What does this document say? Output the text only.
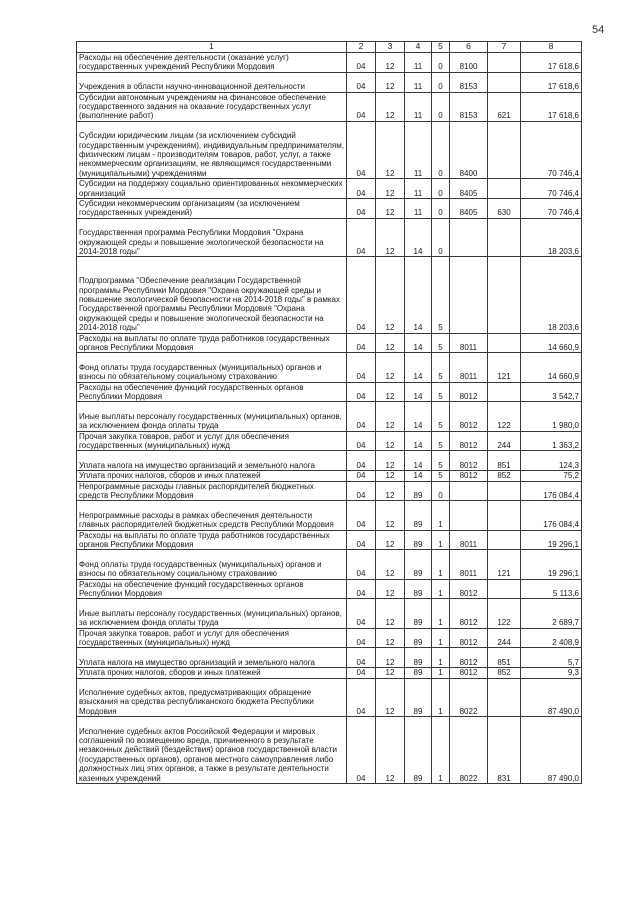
54
1	2	3	4	5	6	7	8
Расходы на обеспечение деятельности (оказание услуг) государственных учреждений Республики Мордовия	04	12	11	0	8100		17 618,6
Учреждения в области научно-инновационной деятельности	04	12	11	0	8153		17 618,6
Субсидии автономным учреждениям на финансовое обеспечение государственного задания на оказание государственных услуг (выполнение работ)	04	12	11	0	8153	621	17 618,6
Субсидии юридическим лицам (за исключением субсидий государственным учреждениям), индивидуальным предпринимателям, физическим лицам - производителям товаров, работ, услуг, а также некоммерческим организациям, не являющимся государственными (муниципальными) учреждениями	04	12	11	0	8400		70 746,4
Субсидии на поддержку социально ориентированных некоммерческих организаций	04	12	11	0	8405		70 746,4
Субсидии некоммерческим организациям (за исключением государственных учреждений)	04	12	11	0	8405	630	70 746,4
Государственная программа Республики Мордовия "Охрана окружающей среды и повышение экологической безопасности на 2014-2018 годы"	04	12	14	0			18 203,6
Подпрограмма "Обеспечение реализации Государственной программы Республики Мордовия "Охрана окружающей среды и повышение экологической безопасности на 2014-2018 годы" в рамках Государственной программы Республики Мордовия "Охрана окружающей среды и повышение экологической безопасности на 2014-2018 годы"	04	12	14	5			18 203,6
Расходы на выплаты по оплате труда работников государственных органов Республики Мордовия	04	12	14	5	8011		14 660,9
Фонд оплаты труда государственных (муниципальных) органов и взносы по обязательному социальному страхованию	04	12	14	5	8011	121	14 660,9
Расходы на обеспечение функций государственных органов Республики Мордовия	04	12	14	5	8012		3 542,7
Иные выплаты персоналу государственных (муниципальных) органов, за исключением фонда оплаты труда	04	12	14	5	8012	122	1 980,0
Прочая закупка товаров, работ и услуг для обеспечения государственных (муниципальных) нужд	04	12	14	5	8012	244	1 363,2
Уплата налога на имущество организаций и земельного налога	04	12	14	5	8012	851	124,3
Уплата прочих налогов, сборов и иных платежей	04	12	14	5	8012	852	75,2
Непрограммные расходы главных распорядителей бюджетных средств Республики Мордовия	04	12	89	0			176 084,4
Непрограммные расходы в рамках обеспечения деятельности главных распорядителей бюджетных средств Республики Мордовия	04	12	89	1			176 084,4
Расходы на выплаты по оплате труда работников государственных органов Республики Мордовия	04	12	89	1	8011		19 296,1
Фонд оплаты труда государственных (муниципальных) органов и взносы по обязательному социальному страхованию	04	12	89	1	8011	121	19 296,1
Расходы на обеспечение функций государственных органов Республики Мордовия	04	12	89	1	8012		5 113,6
Иные выплаты персоналу государственных (муниципальных) органов, за исключением фонда оплаты труда	04	12	89	1	8012	122	2 689,7
Прочая закупка товаров, работ и услуг для обеспечения государственных (муниципальных) нужд	04	12	89	1	8012	244	2 408,9
Уплата налога на имущество организаций и земельного налога	04	12	89	1	8012	851	5,7
Уплата прочих налогов, сборов и иных платежей	04	12	89	1	8012	852	9,3
Исполнение судебных актов, предусматривающих обращение взыскания на средства республиканского бюджета Республики Мордовия	04	12	89	1	8022		87 490,0
Исполнение судебных актов Российской Федерации и мировых соглашений по возмещению вреда, причиненного в результате незаконных действий (бездействия) органов государственной власти (государственных органов), органов местного самоуправления либо должностных лиц этих органов, а также в результате деятельности казенных учреждений	04	12	89	1	8022	831	87 490,0
